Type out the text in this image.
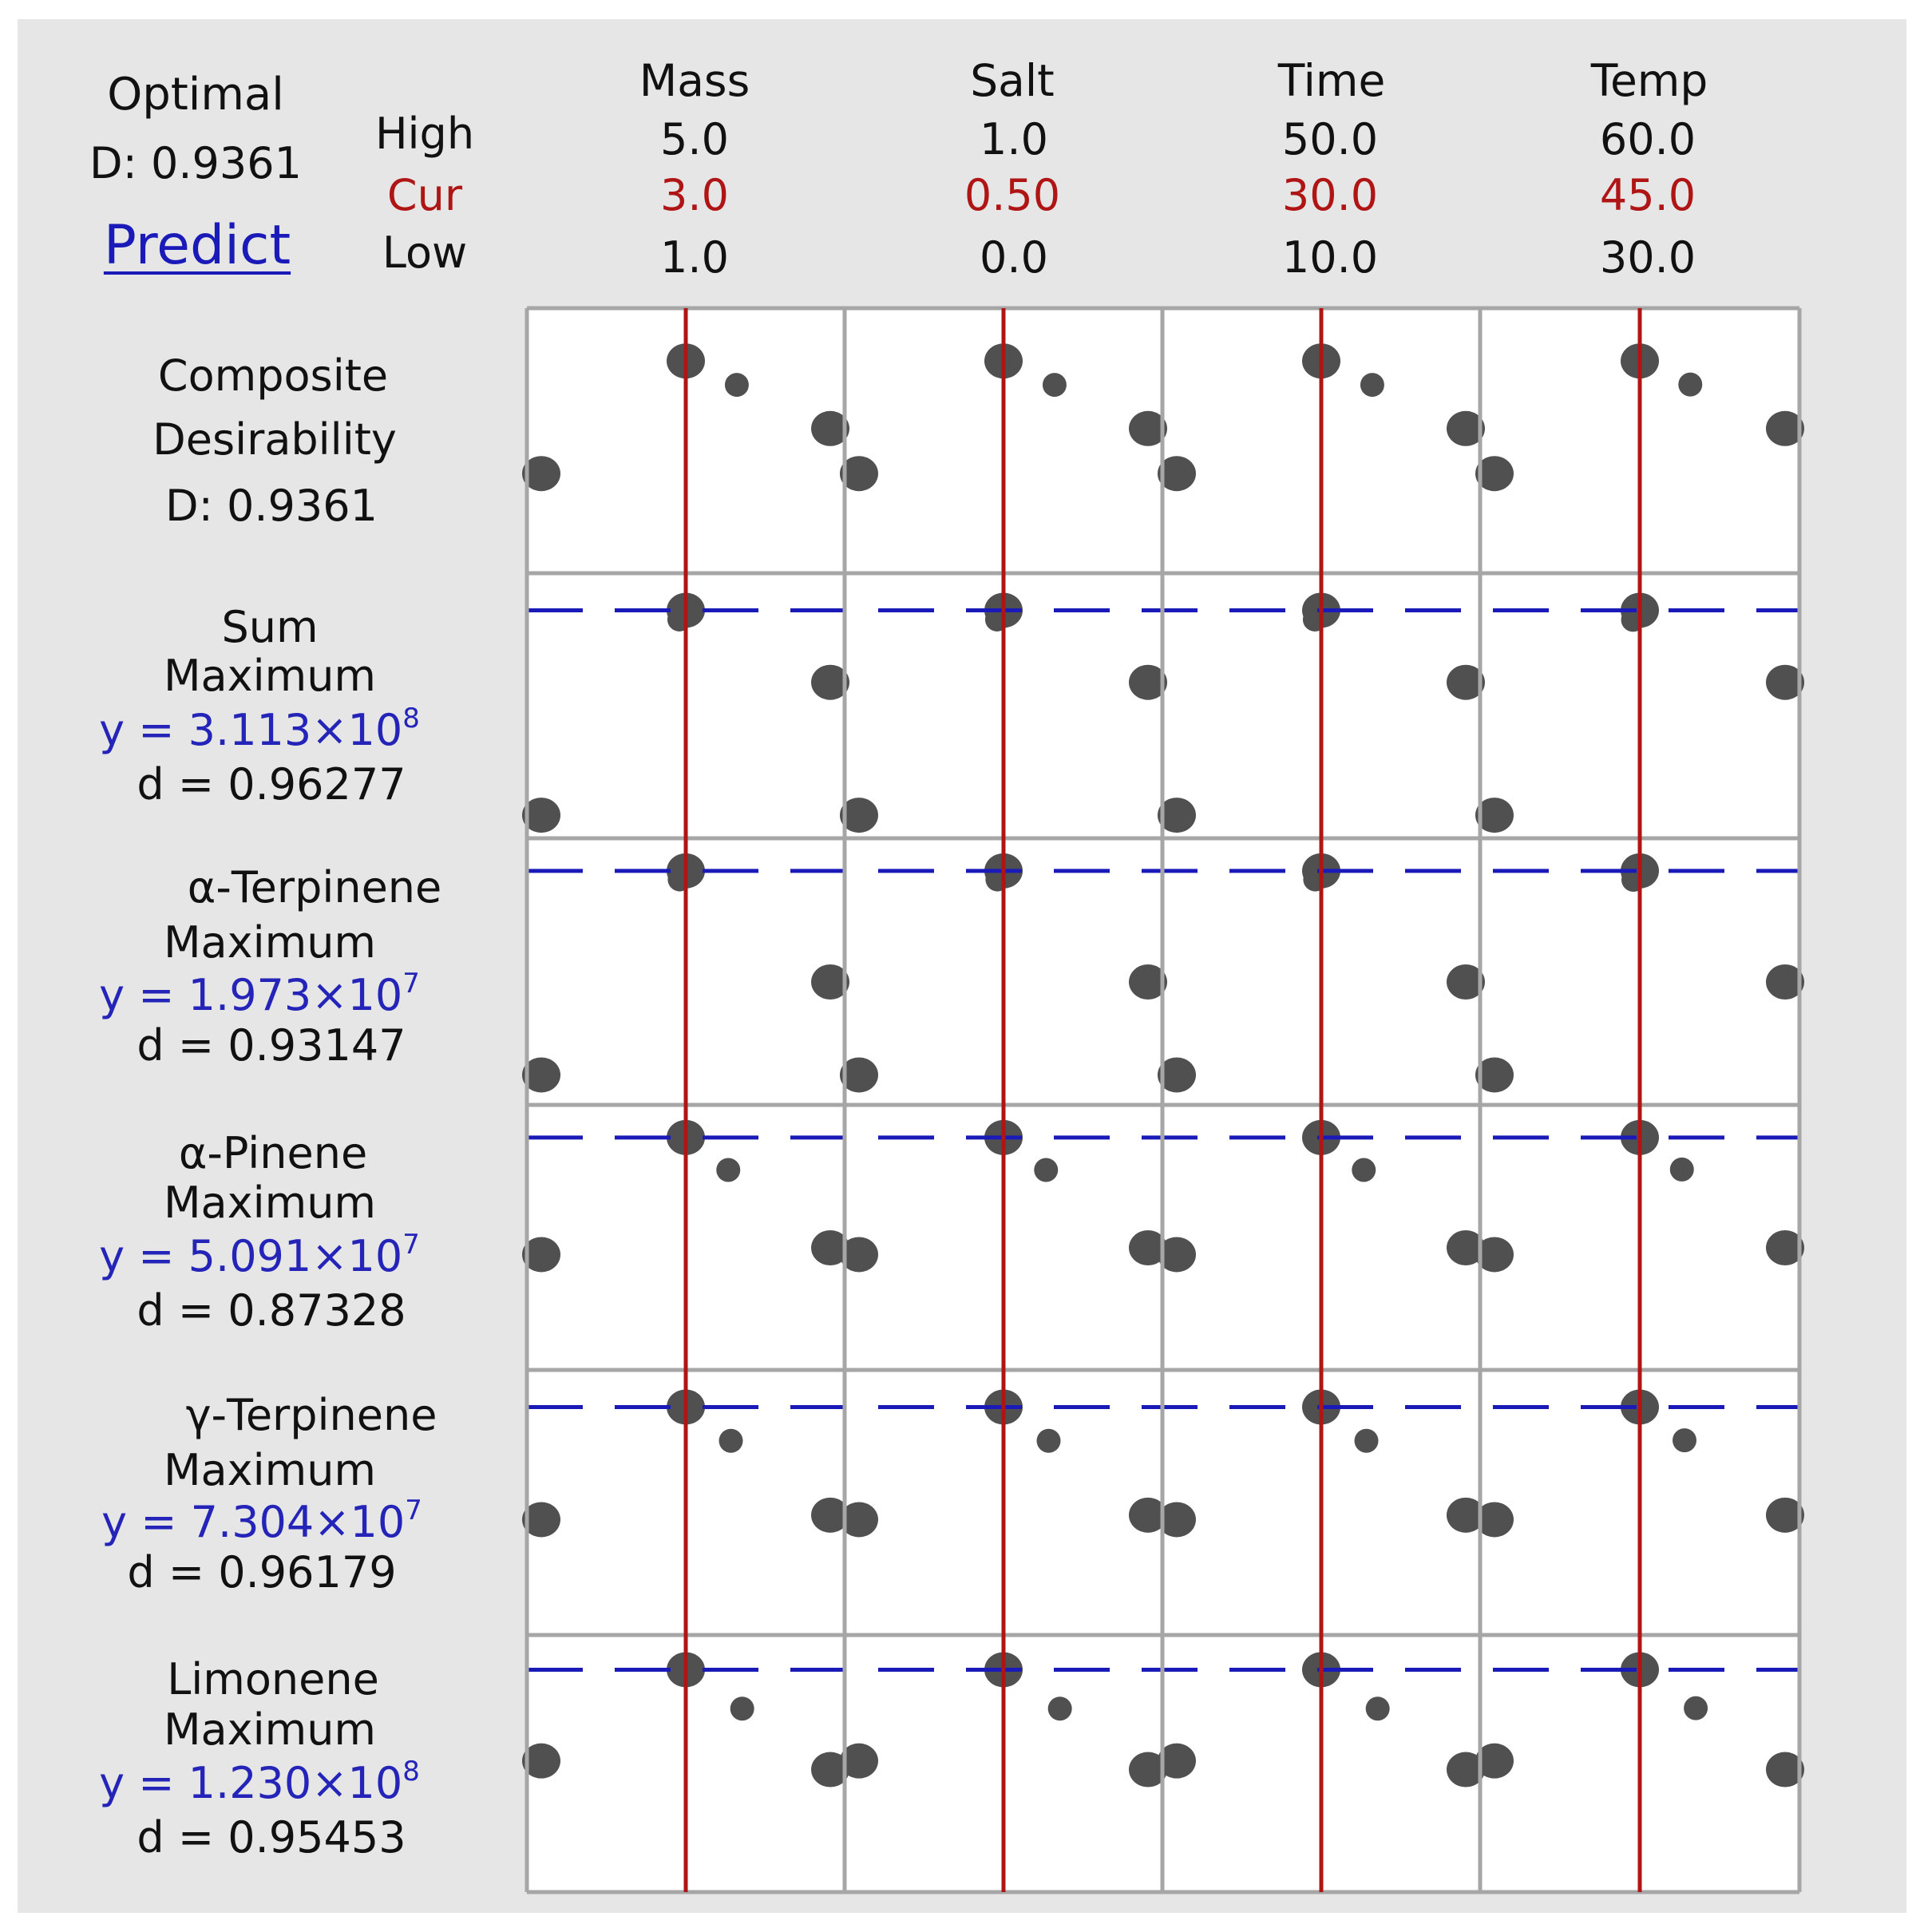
Optimal
D: 0.9361
Predict
High
Cur
Low
Mass
5.0
3.0
1.0
Salt
1.0
0.50
0.0
Time
50.0
30.0
10.0
Temp
60.0
45.0
30.0
Composite
Desirability
D: 0.9361
Sum
Maximum
$y = 3.113\times 10^8$
d = 0.96277
α-Terpinene
Maximum
$y = 1.973\times 10^7$
d = 0.93147
α-Pinene
Maximum
$y = 5.091\times 10^7$
d = 0.87328
γ-Terpinene
Maximum
$y = 7.304\times 10^7$
d = 0.96179
Limonene
Maximum
$y = 1.230\times 10^8$
d = 0.95453
